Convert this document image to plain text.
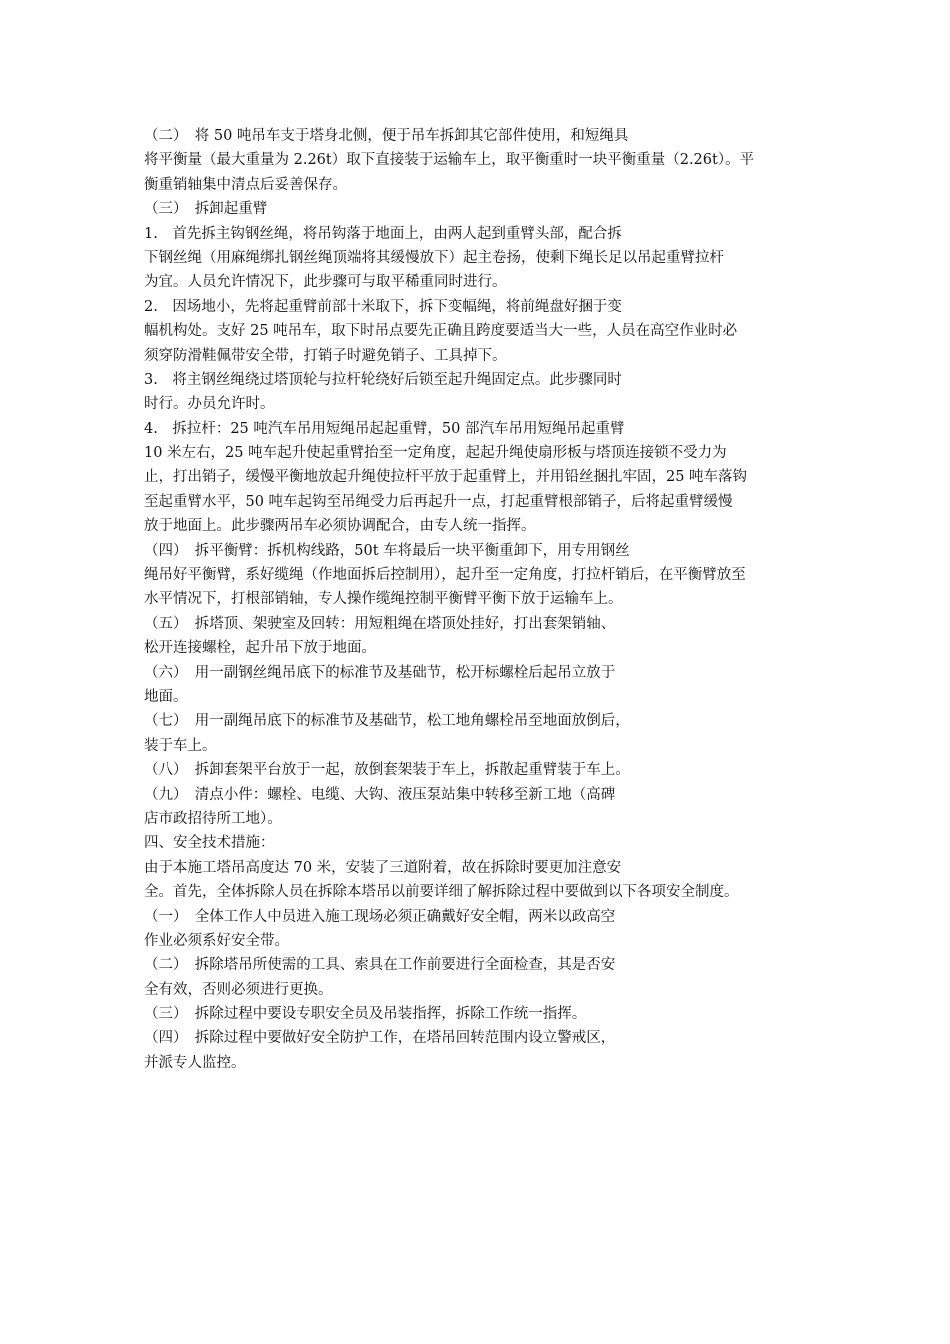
（二）　将 50 吨吊车支于塔身北侧，便于吊车拆卸其它部件使用，和短绳具
将平衡量（最大重量为 2.26t）取下直接装于运输车上，取平衡重时一块平衡重量（2.26t）。平
衡重销轴集中清点后妥善保存。
（三）　拆卸起重臂
1.　首先拆主钩钢丝绳，将吊钩落于地面上，由两人起到重臂头部，配合拆
下钢丝绳（用麻绳绑扎钢丝绳顶端将其缓慢放下）起主卷扬，使剩下绳长足以吊起重臂拉杆
为宜。人员允许情况下，此步骤可与取平稀重同时进行。
2.　因场地小，先将起重臂前部十米取下，拆下变幅绳，将前绳盘好捆于变
幅机构处。支好 25 吨吊车，取下时吊点要先正确且跨度要适当大一些，人员在高空作业时必
须穿防滑鞋佩带安全带，打销子时避免销子、工具掉下。
3.　将主钢丝绳绕过塔顶轮与拉杆轮绕好后锁至起升绳固定点。此步骤同时
时行。办员允许时。
4.　拆拉杆：25 吨汽车吊用短绳吊起起重臂，50 部汽车吊用短绳吊起重臂
10 米左右，25 吨车起升使起重臂抬至一定角度，起起升绳使扇形板与塔顶连接锁不受力为
止，打出销子，缓慢平衡地放起升绳使拉杆平放于起重臂上，并用铅丝捆扎牢固，25 吨车落钩
至起重臂水平，50 吨车起钩至吊绳受力后再起升一点，打起重臂根部销子，后将起重臂缓慢
放于地面上。此步骤两吊车必须协调配合，由专人统一指挥。
（四）　拆平衡臂：拆机构线路，50t 车将最后一块平衡重卸下，用专用钢丝
绳吊好平衡臂，系好缆绳（作地面拆后控制用），起升至一定角度，打拉杆销后，在平衡臂放至
水平情况下，打根部销轴，专人操作缆绳控制平衡臂平衡下放于运输车上。
（五）　拆塔顶、架驶室及回转：用短粗绳在塔顶处挂好，打出套架销轴、
松开连接螺栓，起升吊下放于地面。
（六）　用一副钢丝绳吊底下的标准节及基础节，松开标螺栓后起吊立放于
地面。
（七）　用一副绳吊底下的标准节及基础节，松工地角螺栓吊至地面放倒后，
装于车上。
（八）　拆卸套架平台放于一起，放倒套架装于车上，拆散起重臂装于车上。
（九）　清点小件：螺栓、电缆、大钩、液压泵站集中转移至新工地（高碑
店市政招待所工地）。
四、安全技术措施：
由于本施工塔吊高度达 70 米，安装了三道附着，故在拆除时要更加注意安
全。首先，全体拆除人员在拆除本塔吊以前要详细了解拆除过程中要做到以下各项安全制度。
（一）　全体工作人中员进入施工现场必须正确戴好安全帽，两米以政高空
作业必须系好安全带。
（二）　拆除塔吊所使需的工具、索具在工作前要进行全面检查，其是否安
全有效，否则必须进行更换。
（三）　拆除过程中要设专职安全员及吊装指挥，拆除工作统一指挥。
（四）　拆除过程中要做好安全防护工作，在塔吊回转范围内设立警戒区，
并派专人监控。
